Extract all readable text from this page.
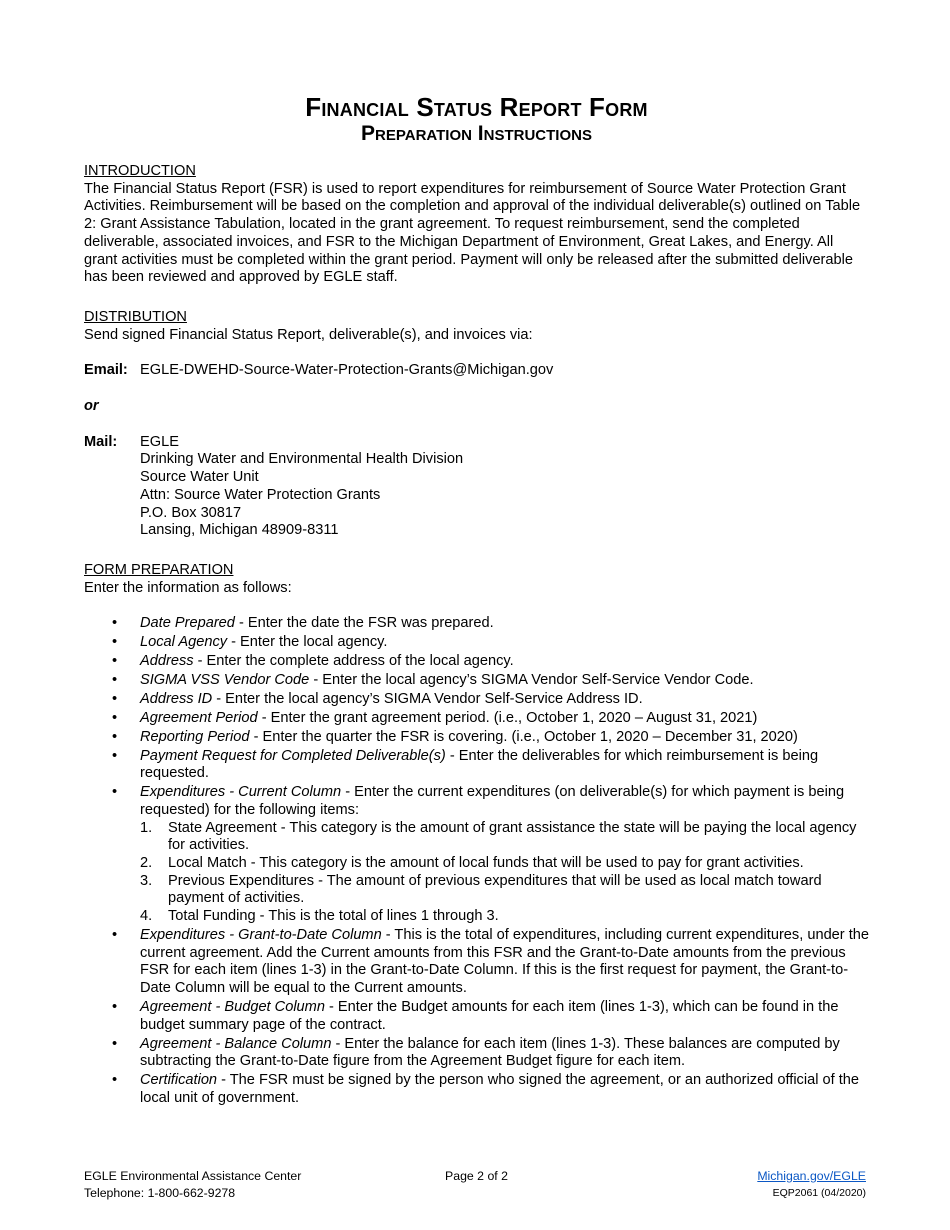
Financial Status Report Form
Preparation Instructions
INTRODUCTION

The Financial Status Report (FSR) is used to report expenditures for reimbursement of Source Water Protection Grant Activities. Reimbursement will be based on the completion and approval of the individual deliverable(s) outlined on Table 2: Grant Assistance Tabulation, located in the grant agreement. To request reimbursement, send the completed deliverable, associated invoices, and FSR to the Michigan Department of Environment, Great Lakes, and Energy. All grant activities must be completed within the grant period. Payment will only be released after the submitted deliverable has been reviewed and approved by EGLE staff.

DISTRIBUTION

Send signed Financial Status Report, deliverable(s), and invoices via:

Email: EGLE-DWEHD-Source-Water-Protection-Grants@Michigan.gov
or
Mail:	EGLE
Drinking Water and Environmental Health Division
Source Water Unit
Attn: Source Water Protection Grants
P.O. Box 30817
Lansing, Michigan 48909-8311
FORM PREPARATION

Enter the information as follows:

• Date Prepared - Enter the date the FSR was prepared.
• Local Agency - Enter the local agency.
• Address - Enter the complete address of the local agency.
• SIGMA VSS Vendor Code - Enter the local agency’s SIGMA Vendor Self-Service Vendor Code.
• Address ID - Enter the local agency’s SIGMA Vendor Self-Service Address ID.
• Agreement Period - Enter the grant agreement period. (i.e., October 1, 2020 – August 31, 2021)
• Reporting Period - Enter the quarter the FSR is covering. (i.e., October 1, 2020 – December 31, 2020)
• Payment Request for Completed Deliverable(s) - Enter the deliverables for which reimbursement is being requested.
• Expenditures - Current Column - Enter the current expenditures (on deliverable(s) for which payment is being requested) for the following items:
1. State Agreement - This category is the amount of grant assistance the state will be paying the local agency for activities.
2. Local Match - This category is the amount of local funds that will be used to pay for grant activities.
3. Previous Expenditures - The amount of previous expenditures that will be used as local match toward payment of activities.
4. Total Funding - This is the total of lines 1 through 3.
• Expenditures - Grant-to-Date Column - This is the total of expenditures, including current expenditures, under the current agreement. Add the Current amounts from this FSR and the Grant-to-Date amounts from the previous FSR for each item (lines 1-3) in the Grant-to-Date Column. If this is the first request for payment, the Grant-to-Date Column will be equal to the Current amounts.
• Agreement - Budget Column - Enter the Budget amounts for each item (lines 1-3), which can be found in the budget summary page of the contract.
• Agreement - Balance Column - Enter the balance for each item (lines 1-3). These balances are computed by subtracting the Grant-to-Date figure from the Agreement Budget figure for each item.
• Certification - The FSR must be signed by the person who signed the agreement, or an authorized official of the local unit of government.
EGLE Environmental Assistance Center
Telephone: 1-800-662-9278
Page 2 of 2	Michigan.gov/EGLE
EQP2061 (04/2020)
